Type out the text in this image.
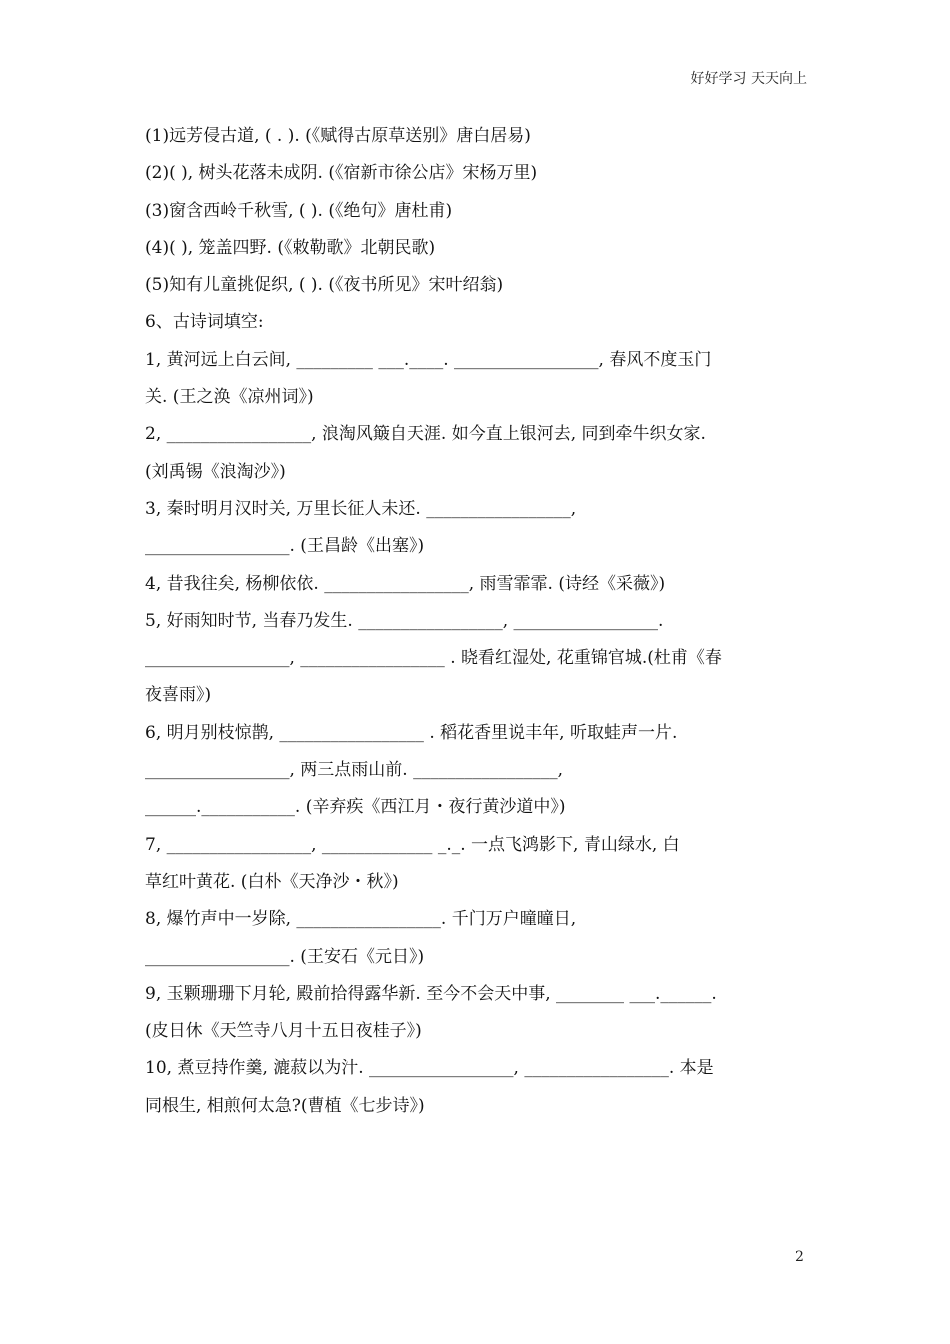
好好学习 天天向上
(1)远芳侵古道, ( . ). (《赋得古原草送别》唐白居易)
(2)( ), 树头花落未成阴. (《宿新市徐公店》宋杨万里)
(3)窗含西岭千秋雪, ( ). (《绝句》唐杜甫)
(4)( ), 笼盖四野. (《敕勒歌》北朝民歌)
(5)知有儿童挑促织, ( ). (《夜书所见》宋叶绍翁)
6、古诗词填空:
1, 黄河远上白云间, _________ ___.____. _________________, 春风不度玉门
关. (王之涣《凉州词》)
2, _________________, 浪淘风簸自天涯. 如今直上银河去, 同到牵牛织女家.
(刘禹锡《浪淘沙》)
3, 秦时明月汉时关, 万里长征人未还. _________________,
_________________. (王昌龄《出塞》)
4, 昔我往矣, 杨柳依依. _________________, 雨雪霏霏. (诗经《采薇》)
5, 好雨知时节, 当春乃发生. _________________, _________________.
_________________, _________________ . 晓看红湿处, 花重锦官城.(杜甫《春
夜喜雨》)
6, 明月别枝惊鹊, _________________ . 稻花香里说丰年, 听取蛙声一片.
_________________, 两三点雨山前. _________________,
______.___________. (辛弃疾《西江月・夜行黄沙道中》)
7, _________________, _____________ _._. 一点飞鸿影下, 青山绿水, 白
草红叶黄花. (白朴《天净沙・秋》)
8, 爆竹声中一岁除, _________________. 千门万户曈曈日,
_________________. (王安石《元日》)
9, 玉颗珊珊下月轮, 殿前拾得露华新. 至今不会天中事, ________ ___.______.
(皮日休《天竺寺八月十五日夜桂子》)
10, 煮豆持作羹, 漉菽以为汁. _________________, _________________. 本是
同根生, 相煎何太急?(曹植《七步诗》)
2
